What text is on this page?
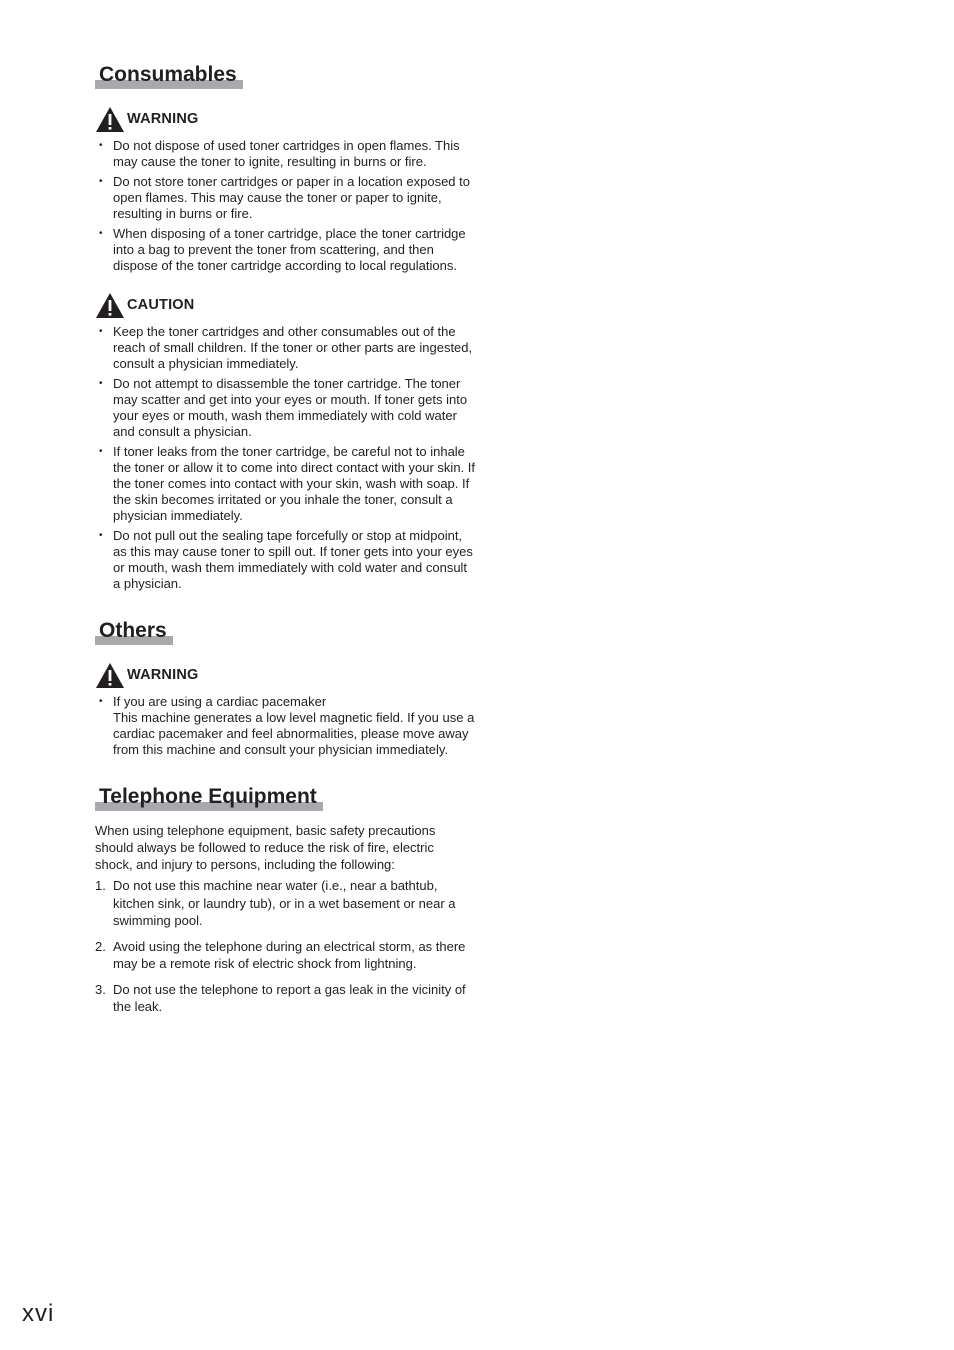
Consumables
WARNING
• Do not dispose of used toner cartridges in open flames. This may cause the toner to ignite, resulting in burns or fire.
• Do not store toner cartridges or paper in a location exposed to open flames. This may cause the toner or paper to ignite, resulting in burns or fire.
• When disposing of a toner cartridge, place the toner cartridge into a bag to prevent the toner from scattering, and then dispose of the toner cartridge according to local regulations.
CAUTION
• Keep the toner cartridges and other consumables out of the reach of small children. If the toner or other parts are ingested, consult a physician immediately.
• Do not attempt to disassemble the toner cartridge. The toner may scatter and get into your eyes or mouth. If toner gets into your eyes or mouth, wash them immediately with cold water and consult a physician.
• If toner leaks from the toner cartridge, be careful not to inhale the toner or allow it to come into direct contact with your skin. If the toner comes into contact with your skin, wash with soap. If the skin becomes irritated or you inhale the toner, consult a physician immediately.
• Do not pull out the sealing tape forcefully or stop at midpoint, as this may cause toner to spill out. If toner gets into your eyes or mouth, wash them immediately with cold water and consult a physician.
Others
WARNING
• If you are using a cardiac pacemaker
This machine generates a low level magnetic field. If you use a cardiac pacemaker and feel abnormalities, please move away from this machine and consult your physician immediately.
Telephone Equipment

When using telephone equipment, basic safety precautions should always be followed to reduce the risk of fire, electric shock, and injury to persons, including the following:

1. Do not use this machine near water (i.e., near a bathtub, kitchen sink, or laundry tub), or in a wet basement or near a swimming pool.
2. Avoid using the telephone during an electrical storm, as there may be a remote risk of electric shock from lightning.
3. Do not use the telephone to report a gas leak in the vicinity of the leak.
xvi
